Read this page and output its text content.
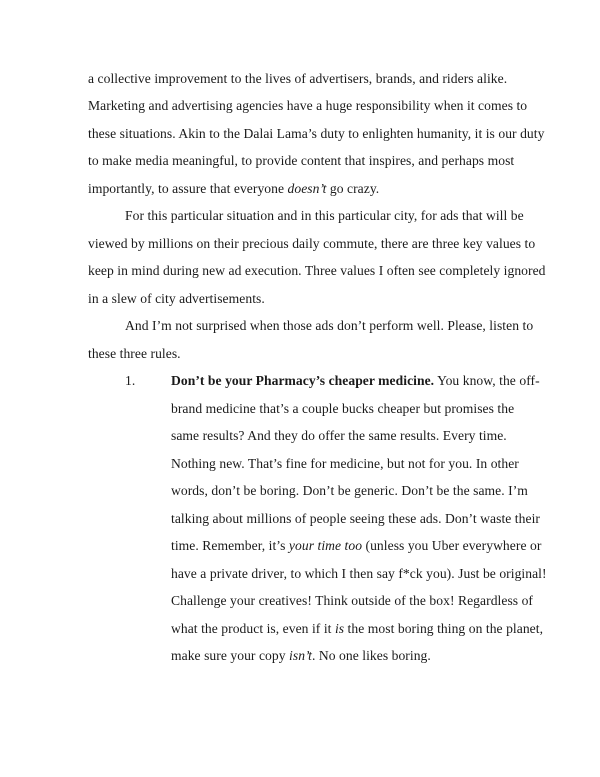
a collective improvement to the lives of advertisers, brands, and riders alike.
Marketing and advertising agencies have a huge responsibility when it comes to
these situations. Akin to the Dalai Lama’s duty to enlighten humanity, it is our duty
to make media meaningful, to provide content that inspires, and perhaps most
importantly, to assure that everyone doesn’t go crazy.
For this particular situation and in this particular city, for ads that will be
viewed by millions on their precious daily commute, there are three key values to
keep in mind during new ad execution. Three values I often see completely ignored
in a slew of city advertisements.
And I’m not surprised when those ads don’t perform well. Please, listen to
these three rules.
1.	Don’t be your Pharmacy’s cheaper medicine. You know, the off-
brand medicine that’s a couple bucks cheaper but promises the
same results? And they do offer the same results. Every time.
Nothing new. That’s fine for medicine, but not for you. In other
words, don’t be boring. Don’t be generic. Don’t be the same. I’m
talking about millions of people seeing these ads. Don’t waste their
time. Remember, it’s your time too (unless you Uber everywhere or
have a private driver, to which I then say f*ck you). Just be original!
Challenge your creatives! Think outside of the box! Regardless of
what the product is, even if it is the most boring thing on the planet,
make sure your copy isn’t. No one likes boring.
